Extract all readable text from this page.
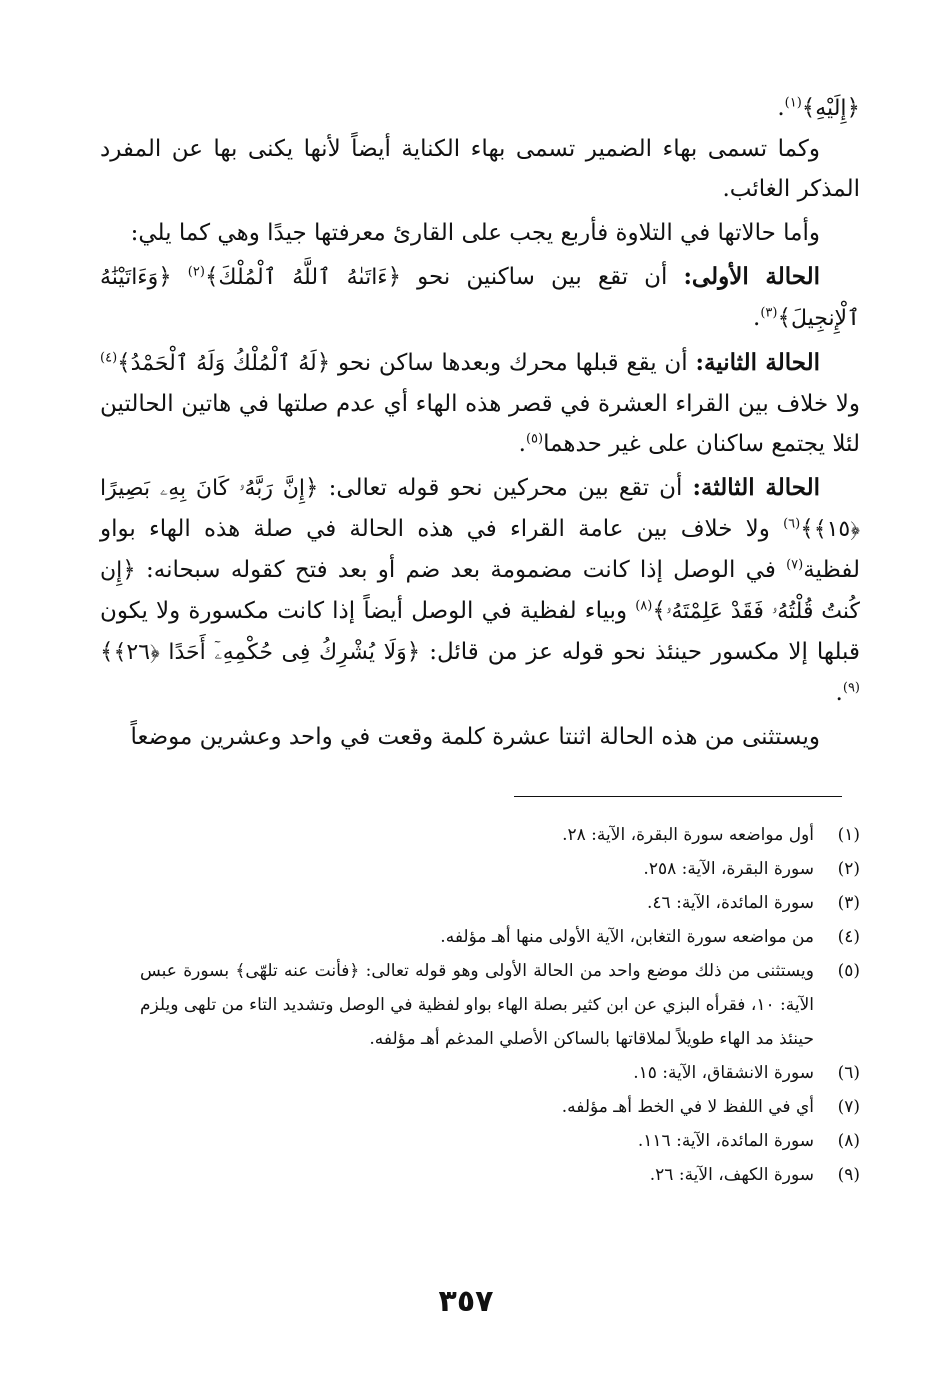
﴿إِلَيْهِ﴾$^{(١)}$.

وكما تسمى بهاء الضمير تسمى بهاء الكناية أيضاً لأنها يكنى بها عن المفرد المذكر الغائب.

وأما حالاتها في التلاوة فأربع يجب على القارئ معرفتها جيدًا وهي كما يلي:

الحالة الأولى: أن تقع بين ساكنين نحو ﴿ءَاتَىٰهُ ٱللَّهُ ٱلْمُلْكَ﴾$^{(٢)}$ ﴿وَءَاتَيْنَٰهُ ٱلْإِنجِيلَ﴾$^{(٣)}$.

الحالة الثانية: أن يقع قبلها محرك وبعدها ساكن نحو ﴿لَهُ ٱلْمُلْكُ وَلَهُ ٱلْحَمْدُ﴾$^{(٤)}$ ولا خلاف بين القراء العشرة في قصر هذه الهاء أي عدم صلتها في هاتين الحالتين لئلا يجتمع ساكنان على غير حدهما$^{(٥)}$.

الحالة الثالثة: أن تقع بين محركين نحو قوله تعالى: ﴿إِنَّ رَبَّهُۥ كَانَ بِهِۦ بَصِيرًا ﴿١٥﴾﴾$^{(٦)}$ ولا خلاف بين عامة القراء في هذه الحالة في صلة هذه الهاء بواو لفظية$^{(٧)}$ في الوصل إذا كانت مضمومة بعد ضم أو بعد فتح كقوله سبحانه: ﴿إِن كُنتُ قُلْتُهُۥ فَقَدْ عَلِمْتَهُۥ﴾$^{(٨)}$ وبياء لفظية في الوصل أيضاً إذا كانت مكسورة ولا يكون قبلها إلا مكسور حينئذ نحو قوله عز من قائل: ﴿وَلَا يُشْرِكُ فِى حُكْمِهِۦٓ أَحَدًا ﴿٢٦﴾﴾$^{(٩)}$.

ويستثنى من هذه الحالة اثنتا عشرة كلمة وقعت في واحد وعشرين موضعاً

(١)
أول مواضعه سورة البقرة، الآية: ٢٨.
(٢)
سورة البقرة، الآية: ٢٥٨.
(٣)
سورة المائدة، الآية: ٤٦.
(٤)
من مواضعه سورة التغابن، الآية الأولى منها أهـ مؤلفه.
(٥)
ويستثنى من ذلك موضع واحد من الحالة الأولى وهو قوله تعالى: ﴿فأنت عنه تلهّى﴾ بسورة عبس الآية: ١٠، فقرأه البزي عن ابن كثير بصلة الهاء بواو لفظية في الوصل وتشديد التاء من تلهى ويلزم حينئذ مد الهاء طويلاً لملاقاتها بالساكن الأصلي المدغم أهـ مؤلفه.
(٦)
سورة الانشقاق، الآية: ١٥.
(٧)
أي في اللفظ لا في الخط أهـ مؤلفه.
(٨)
سورة المائدة، الآية: ١١٦.
(٩)
سورة الكهف، الآية: ٢٦.
٣٥٧
